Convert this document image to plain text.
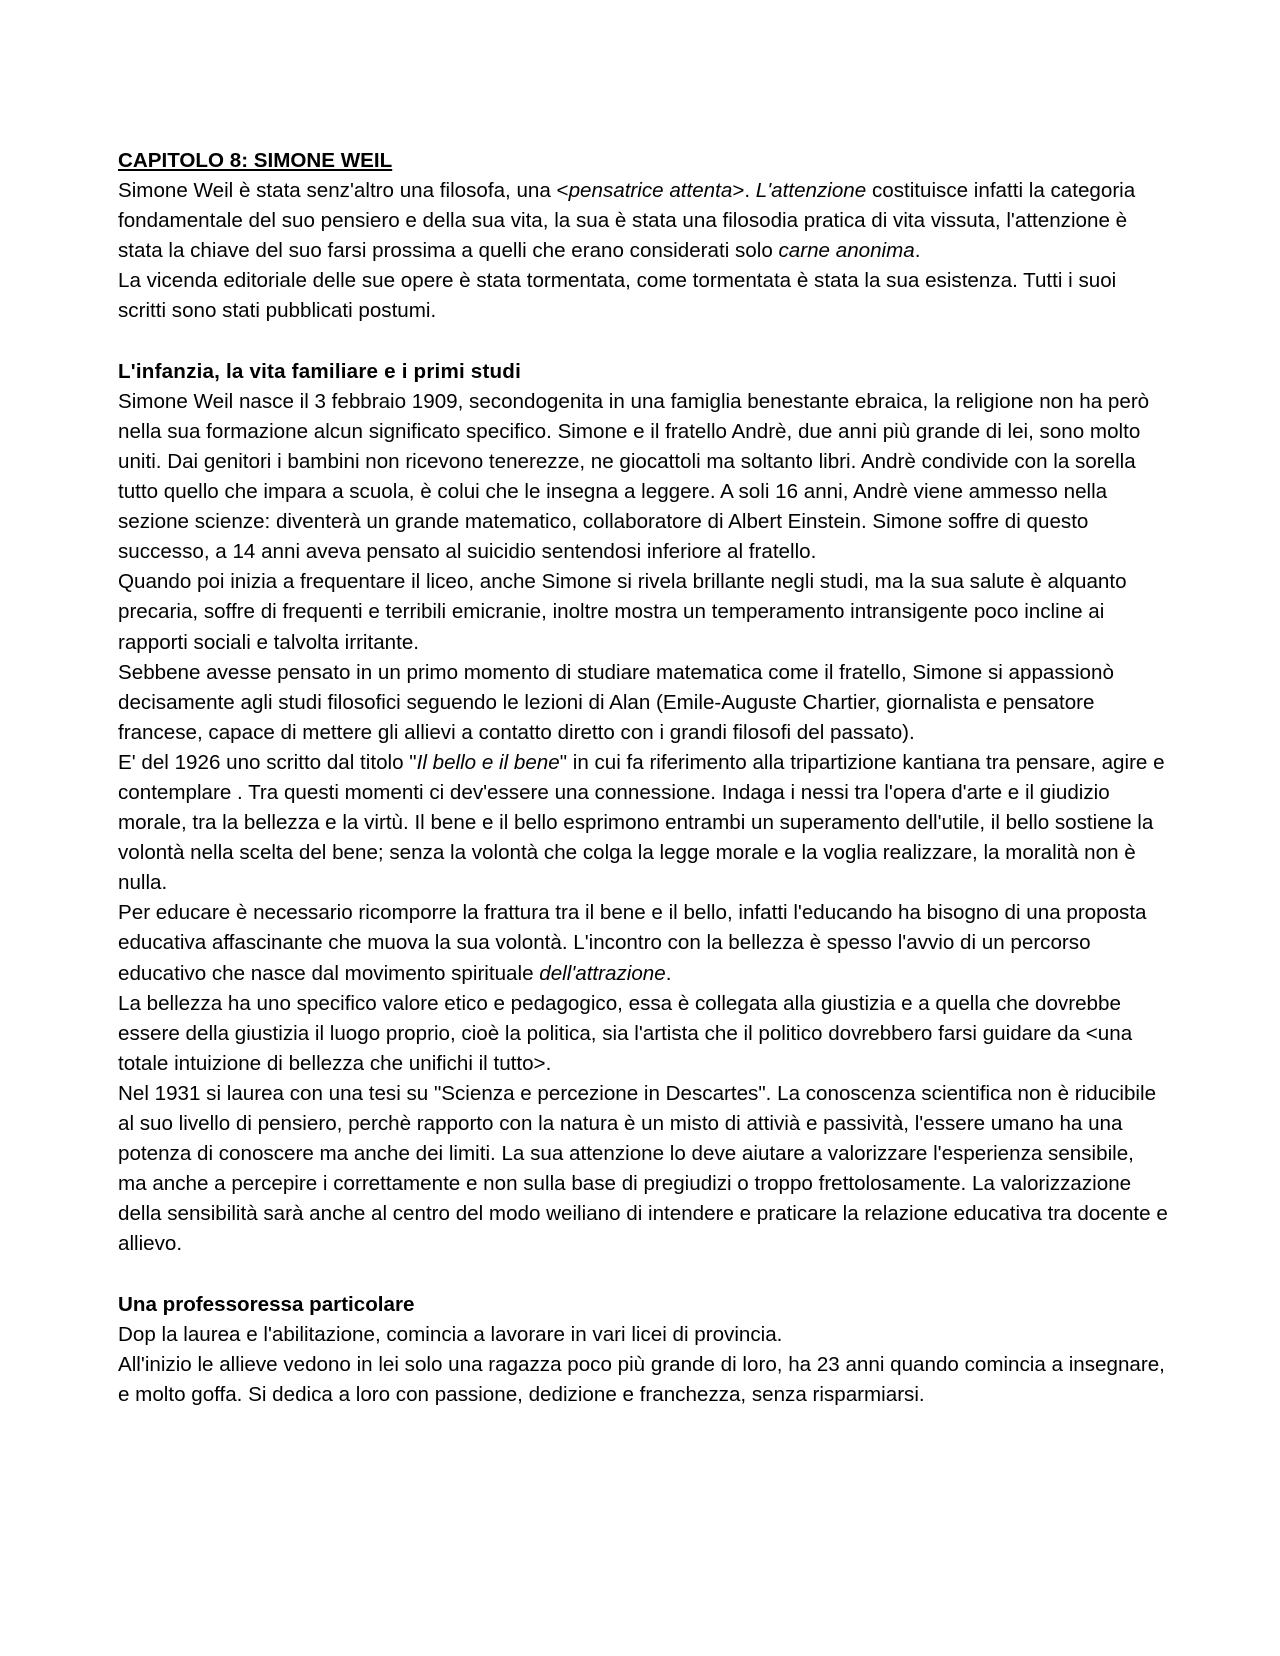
CAPITOLO 8: SIMONE WEIL

Simone Weil è stata senz'altro una filosofa, una <pensatrice attenta>. L'attenzione costituisce infatti la categoria fondamentale del suo pensiero e della sua vita, la sua è stata una filosodia pratica di vita vissuta, l'attenzione è stata la chiave del suo farsi prossima a quelli che erano considerati solo carne anonima.

La vicenda editoriale delle sue opere è stata tormentata, come tormentata è stata la sua esistenza. Tutti i suoi scritti sono stati pubblicati postumi.

L'infanzia, la vita familiare e i primi studi

Simone Weil nasce il 3 febbraio 1909, secondogenita in una famiglia benestante ebraica, la religione non ha però nella sua formazione alcun significato specifico. Simone e il fratello Andrè, due anni più grande di lei, sono molto uniti. Dai genitori i bambini non ricevono tenerezze, ne giocattoli ma soltanto libri. Andrè condivide con la sorella tutto quello che impara a scuola, è colui che le insegna a leggere. A soli 16 anni, Andrè viene ammesso nella sezione scienze: diventerà un grande matematico, collaboratore di Albert Einstein. Simone soffre di questo successo, a 14 anni aveva pensato al suicidio sentendosi inferiore al fratello.

Quando poi inizia a frequentare il liceo, anche Simone si rivela brillante negli studi, ma la sua salute è alquanto precaria, soffre di frequenti e terribili emicranie, inoltre mostra un temperamento intransigente poco incline ai rapporti sociali e talvolta irritante.

Sebbene avesse pensato in un primo momento di studiare matematica come il fratello, Simone si appassionò decisamente agli studi filosofici seguendo le lezioni di Alan (Emile-Auguste Chartier, giornalista e pensatore francese, capace di mettere gli allievi a contatto diretto con i grandi filosofi del passato).

E' del 1926 uno scritto dal titolo "Il bello e il bene" in cui fa riferimento alla tripartizione kantiana tra pensare, agire e contemplare . Tra questi momenti ci dev'essere una connessione. Indaga i nessi tra l'opera d'arte e il giudizio morale, tra la bellezza e la virtù. Il bene e il bello esprimono entrambi un superamento dell'utile, il bello sostiene la volontà nella scelta del bene; senza la volontà che colga la legge morale e la voglia realizzare, la moralità non è nulla.

Per educare è necessario ricomporre la frattura tra il bene e il bello, infatti l'educando ha bisogno di una proposta educativa affascinante che muova la sua volontà. L'incontro con la bellezza è spesso l'avvio di un percorso educativo che nasce dal movimento spirituale dell'attrazione.

La bellezza ha uno specifico valore etico e pedagogico, essa è collegata alla giustizia e a quella che dovrebbe essere della giustizia il luogo proprio, cioè la politica, sia l'artista che il politico dovrebbero farsi guidare da <una totale intuizione di bellezza che unifichi il tutto>.

Nel 1931 si laurea con una tesi su "Scienza e percezione in Descartes". La conoscenza scientifica non è riducibile al suo livello di pensiero, perchè rapporto con la natura è un misto di attivià e passività, l'essere umano ha una potenza di conoscere ma anche dei limiti. La sua attenzione lo deve aiutare a valorizzare l'esperienza sensibile, ma anche a percepire i correttamente e non sulla base di pregiudizi o troppo frettolosamente. La valorizzazione della sensibilità sarà anche al centro del modo weiliano di intendere e praticare la relazione educativa tra docente e allievo.

Una professoressa particolare

Dop la laurea e l'abilitazione, comincia a lavorare in vari licei di provincia.

All'inizio le allieve vedono in lei solo una ragazza poco più grande di loro, ha 23 anni quando comincia a insegnare, e molto goffa. Si dedica a loro con passione, dedizione e franchezza, senza risparmiarsi.
